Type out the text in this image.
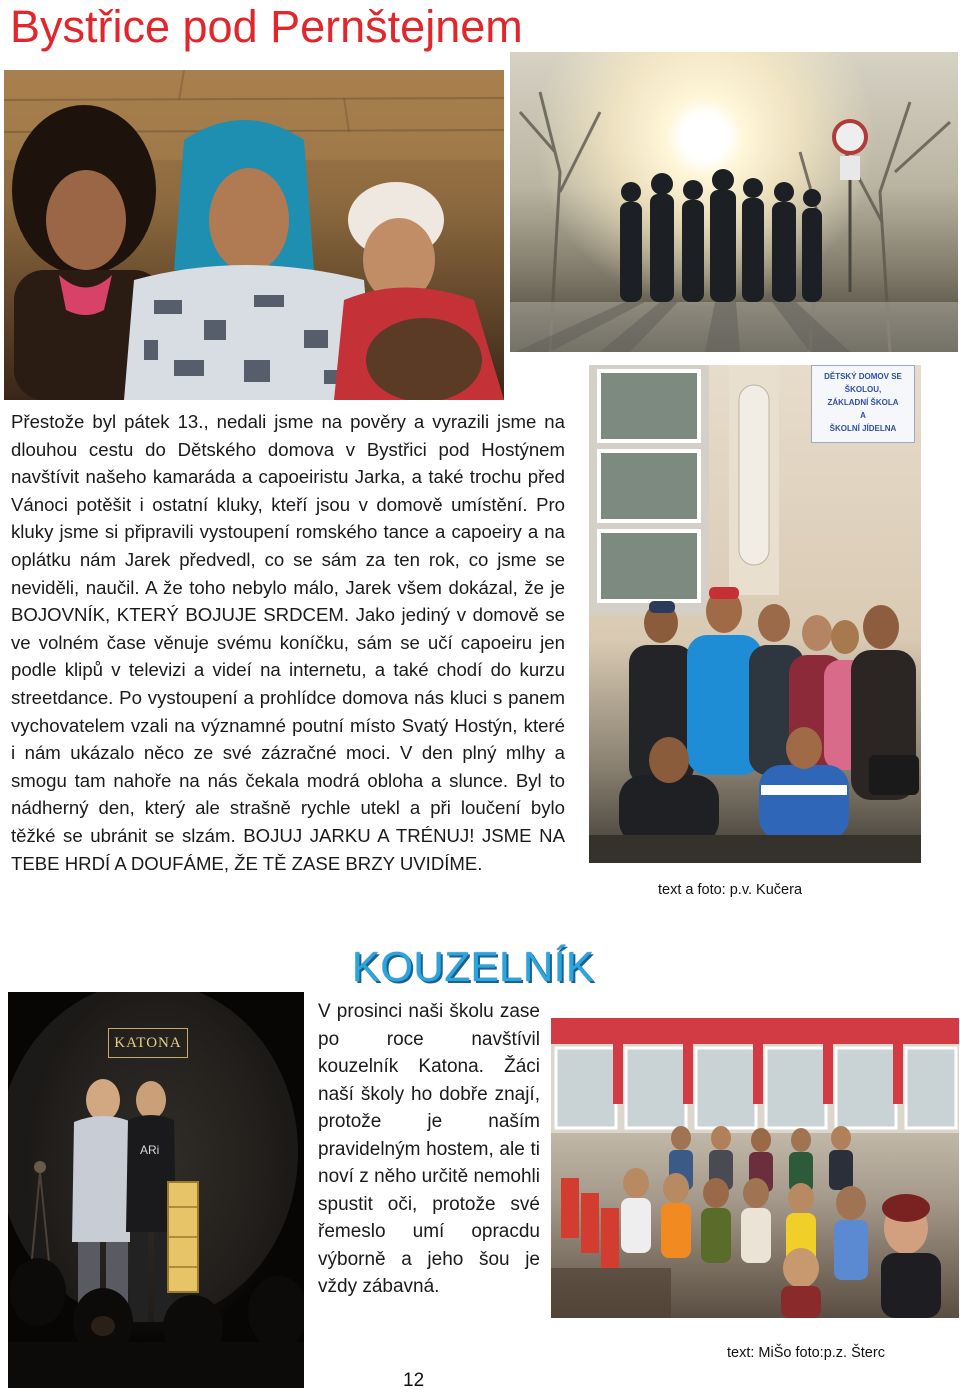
Bystřice pod Pernštejnem
DĚTSKÝ DOMOV SE ŠKOLOU,
ZÁKLADNÍ ŠKOLA
A
ŠKOLNÍ JÍDELNA
Přestože byl pátek 13., nedali jsme na pověry a vyrazili jsme na dlouhou cestu do Dětského domova v Bystřici pod Hostýnem navštívit našeho kamaráda a capoeiristu Jarka, a také trochu před Vánoci potěšit i ostatní kluky, kteří jsou v domově umístění. Pro kluky jsme si připravili vystoupení romského tance a capoeiry a na oplátku nám Jarek předvedl, co se sám za ten rok, co jsme se neviděli, naučil. A že toho nebylo málo, Jarek všem dokázal, že je BOJOVNÍK, KTERÝ BOJUJE SRDCEM. Jako jediný v domově se ve volném čase věnuje svému koníčku, sám se učí capoeiru jen podle klipů v televizi a videí na internetu, a také chodí do kurzu streetdance. Po vystoupení a prohlídce domova nás kluci s panem vychovatelem vzali na významné poutní místo Svatý Hostýn, které i nám ukázalo něco ze své zázračné moci. V den plný mlhy a smogu tam nahoře na nás čekala modrá obloha a slunce. Byl to nádherný den, který ale strašně rychle utekl a při loučení bylo těžké se ubránit se slzám. BOJUJ JARKU A TRÉNUJ! JSME NA TEBE HRDÍ A DOUFÁME, ŽE TĚ ZASE BRZY UVIDÍME.
text a foto: p.v. Kučera
KOUZELNÍK
ARi
KATONA
V prosinci naši školu zase po roce navštívil kouzelník Katona. Žáci naší školy ho dobře znají, protože je naším pravidelným hostem, ale ti noví z něho určitě nemohli spustit oči, protože své řemeslo umí opracdu výborně a jeho šou je vždy zábavná.
text: MiŠo foto:p.z. Šterc
12
